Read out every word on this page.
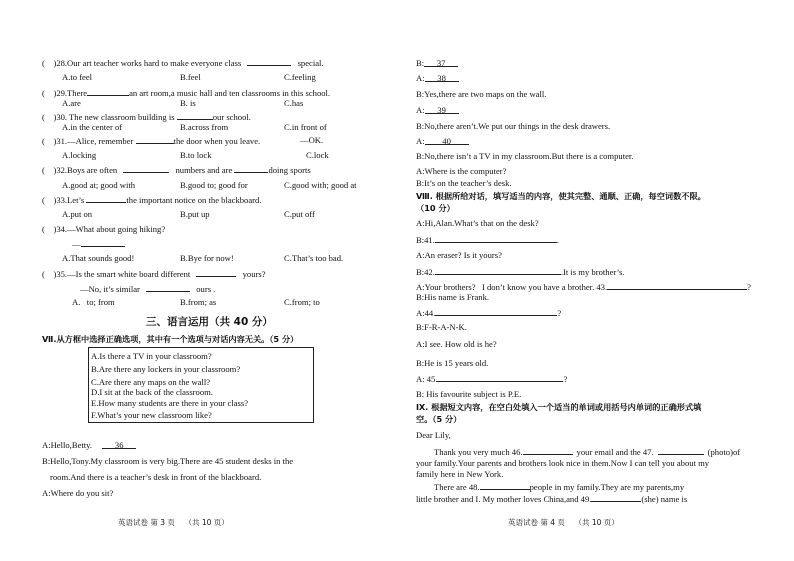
(    )28.Our art teacher works hard to make everyone class	special.
A.to feel	B.feel	C.feeling
(    )29.There	an art room,a music hall and ten classrooms in this school.
A.are	B. is	C.has
(    )30. The new classroom building is	our school.
A.in the center of	B.across from	C.in front of
(    )31.—Alice, remember	the door when you leave.	—OK.
A.locking	B.to lock	C.lock
(    )32.Boys are often	numbers and are	doing sports
A.good at; good with	B.good to; good for	C.good with; good at
(    )33.Let’s	the important notice on the blackboard.
A.put on	B.put up	C.put off
(    )34.—What about going hiking?
—
A.That sounds good!	B.Bye for now!	C.That’s too bad.
(    )35.—Is the smart white board different	yours?
—No, it’s similar	ours .
A.   to; from	B.from; as	C.from; to
三、语言运用（共 40 分）
Ⅶ.从方框中选择正确选项，其中有一个选项与对话内容无关。（5 分）
A.Is there a TV in your classroom?
B.Are there any lockers in your classroom?
C.Are there any maps on the wall?
D.I sit at the back of the classroom.
E.How many students are there in your class?
F.What’s your new classroom like?
A:Hello,Betty.	36
B:Hello,Tony.My classroom is very big.There are 45 student desks in the
room.And there is a teacher’s desk in front of the blackboard.
A:Where do you sit?
英语试卷 第 3 页    （共 10 页）
B: 37
A: 38
B:Yes,there are two maps on the wall.
A: 39
B:No,there aren’t.We put our things in the desk drawers.
A: 40
B:No,there isn’t a TV in my classroom.But there is a computer.
A:Where is the computer?
B:It’s on the teacher’s desk.
Ⅷ. 根据所给对话，填写适当的内容，使其完整、通顺、正确，每空词数不限。
（10 分）
A:Hi,Alan.What’s that on the desk?
B:41.	.
A:An eraser? Is it yours?
B:42.	.It is my brother’s.
A:Your brothers?   I don’t know you have a brother. 43.	?
B:His name is Frank.
A:44.	?
B:F-R-A-N-K.
A:I see. How old is he?
B:He is 15 years old.
A: 45.	?
B: His favourite subject is P.E.
Ⅸ. 根据短文内容，在空白处填入一个适当的单词或用括号内单词的正确形式填
空。（5 分）
Dear Lily,
Thank you very much 46.	your email and the 47.	(photo)of
your family.Your parents and brothers look nice in them.Now I can tell you about my
family here in New York.
There are 48.	people in my family.They are my parents,my
little brother and I. My mother loves China,and 49.	(she) name is
英语试卷 第 4 页    （共 10 页）
